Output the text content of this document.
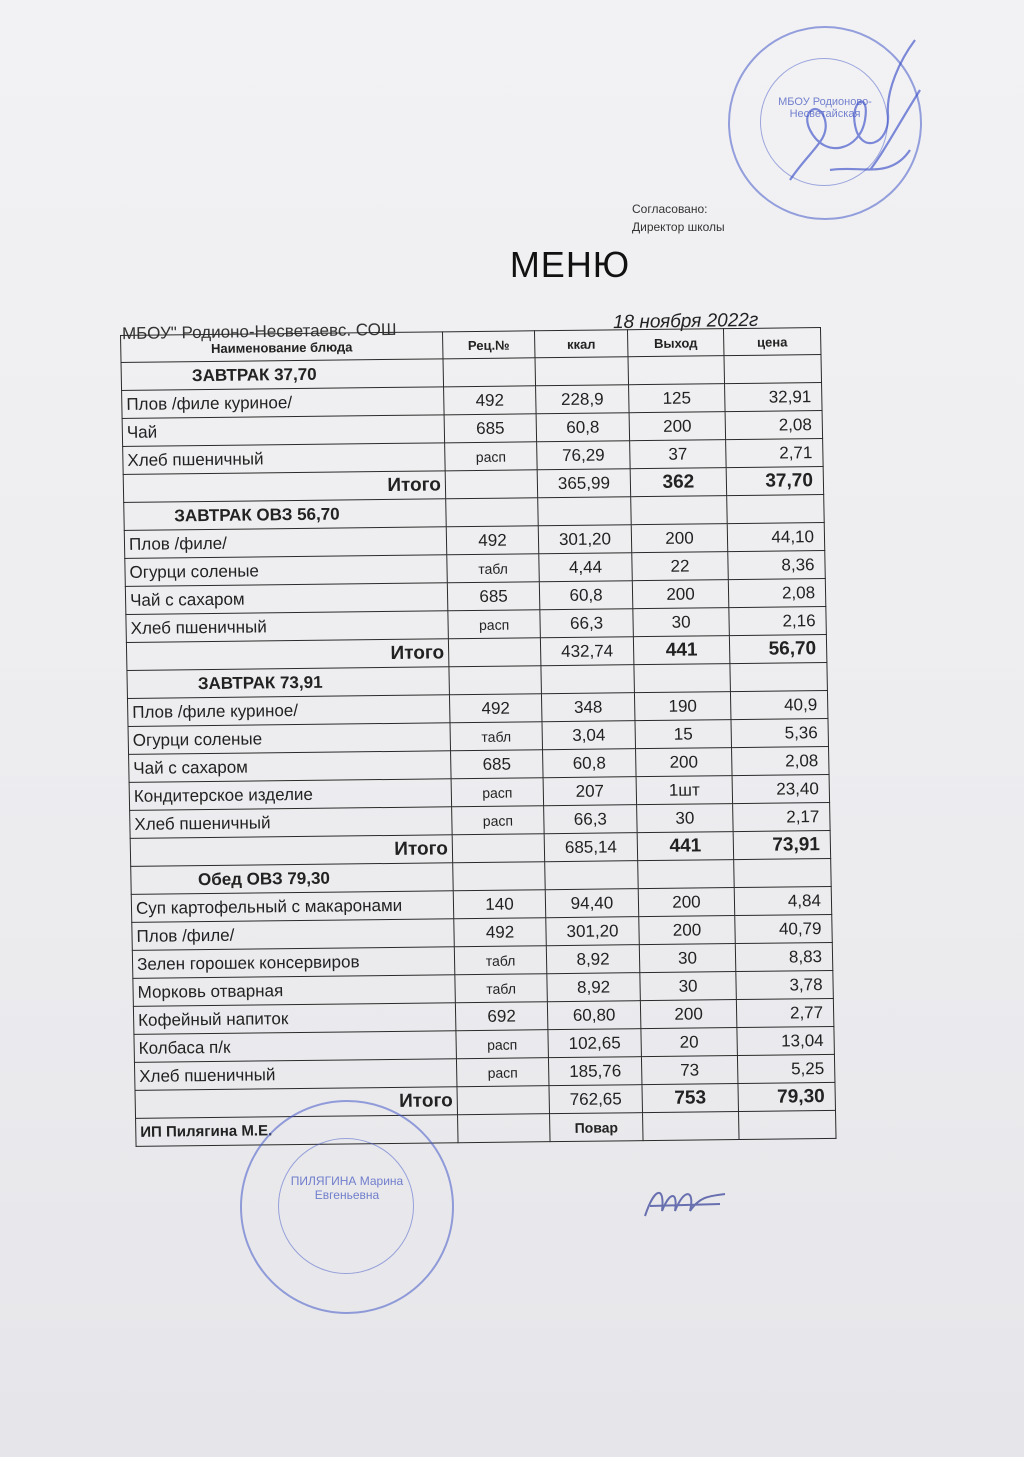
МБОУ Родионово-Несветайская
Согласовано:
Директор школы
МЕНЮ
МБОУ" Родионо-Несветаевс. СОШ	18 ноября 2022г
Наименование блюда	Рец.№	ккал	Выход	цена
ЗАВТРАК 37,70				
Плов /филе куриное/	492	228,9	125	32,91
Чай	685	60,8	200	2,08
Хлеб пшеничный	расп	76,29	37	2,71
Итого		365,99	362	37,70
ЗАВТРАК ОВЗ 56,70				
Плов /филе/	492	301,20	200	44,10
Огурци соленые	табл	4,44	22	8,36
Чай с сахаром	685	60,8	200	2,08
Хлеб пшеничный	расп	66,3	30	2,16
Итого		432,74	441	56,70
ЗАВТРАК 73,91				
Плов /филе куриное/	492	348	190	40,9
Огурци соленые	табл	3,04	15	5,36
Чай с сахаром	685	60,8	200	2,08
Кондитерское изделие	расп	207	1шт	23,40
Хлеб пшеничный	расп	66,3	30	2,17
Итого		685,14	441	73,91
Обед ОВЗ 79,30				
Суп картофельный с макаронами	140	94,40	200	4,84
Плов /филе/	492	301,20	200	40,79
Зелен горошек консервиров	табл	8,92	30	8,83
Морковь отварная	табл	8,92	30	3,78
Кофейный напиток	692	60,80	200	2,77
Колбаса п/к	расп	102,65	20	13,04
Хлеб пшеничный	расп	185,76	73	5,25
Итого		762,65	753	79,30
ИП Пилягина М.Е.		Повар		
ПИЛЯГИНА Марина Евгеньевна
